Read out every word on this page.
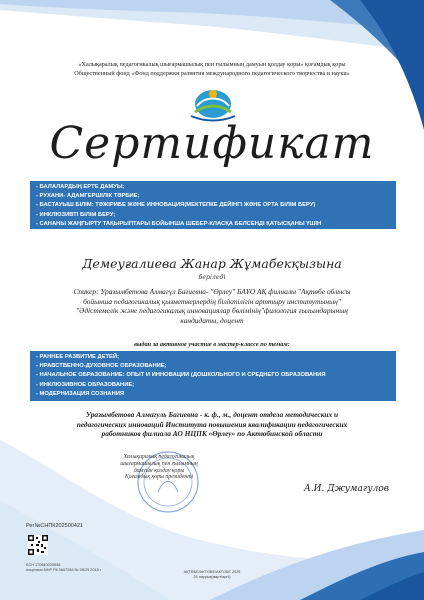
«Халықаралық педагогикалық шығармашылық пен ғылымның дамуын қолдау қоры» қоғамдық қоры
Общественный фонд «Фонд поддержки развития международного педагогического творчества и науки»
Сертификат
- БАЛАЛАРДЫҢ ЕРТЕ ДАМУЫ;
- РУХАНИ- АДАМГЕРШІЛІК ТӘРБИЕ;
- БАСТАУЫШ БІЛІМ: ТӘЖІРИБЕ ЖӘНЕ ИННОВАЦИЯ(МЕКТЕПКЕ ДЕЙІНГІ ЖӘНЕ ОРТА БІЛІМ БЕРУ)
- ИНКЛЮЗИВТІ БІЛІМ БЕРУ;
- САНАНЫ ЖАҢҒЫРТУ ТАҚЫРЫПТАРЫ БОЙЫНША ШЕБЕР-КЛАСҚА БЕЛСЕНДІ ҚАТЫСҚАНЫ ҮШІН
Демеуғалиева Жанар Жұмабекқызына
берiледi
Спикер: Уразымбетова Алмагүл Бағиевна- "Өрлеу" БАҰО АҚ филиалы "Ақтөбе облысы
бойынша педагогикалық қызметкерлердің біліктілігін арттыру институтының"
"Әдістемелік және педагогикалық инновациялар бөлімінің"филология ғылымдарының
кандидаты, доцент
выдан за активное участие в мастер-классе по темам:
- РАННЕЕ РАЗВИТИЕ ДЕТЕЙ;
- НРАВСТВЕННО-ДУХОВНОЕ ОБРАЗОВАНИЕ;
- НАЧАЛЬНОЕ ОБРАЗОВАНИЕ: ОПЫТ И ИННОВАЦИИ (ДОШКОЛЬНОГО И СРЕДНЕГО ОБРАЗОВАНИЯ
- ИНКЛЮЗИВНОЕ ОБРАЗОВАНИЕ;
- МОДЕРНИЗАЦИЯ СОЗНАНИЯ
Уразымбетова Алмагуль Багиевна - к. ф., м., доцент отдела методических и
педагогических инноваций Института повышения квалификации педагогических
работников филиала АО НЦПК «Өрлеу» по Актюбинской области
Халықаралық педагогикалық
шығармашылық пен ғылымның
дамуын қолдау қоры
Қоғамдық қоры президенті
А.И. Джумагулов
Рег№СНПК202500421
БСН 170840025548
лицензия МНР РК №57284 № 05/29 2018 г
АҚТӨБЕ/AKTOBE/АКТОБЕ 2025
26 наурыз(март/april)
